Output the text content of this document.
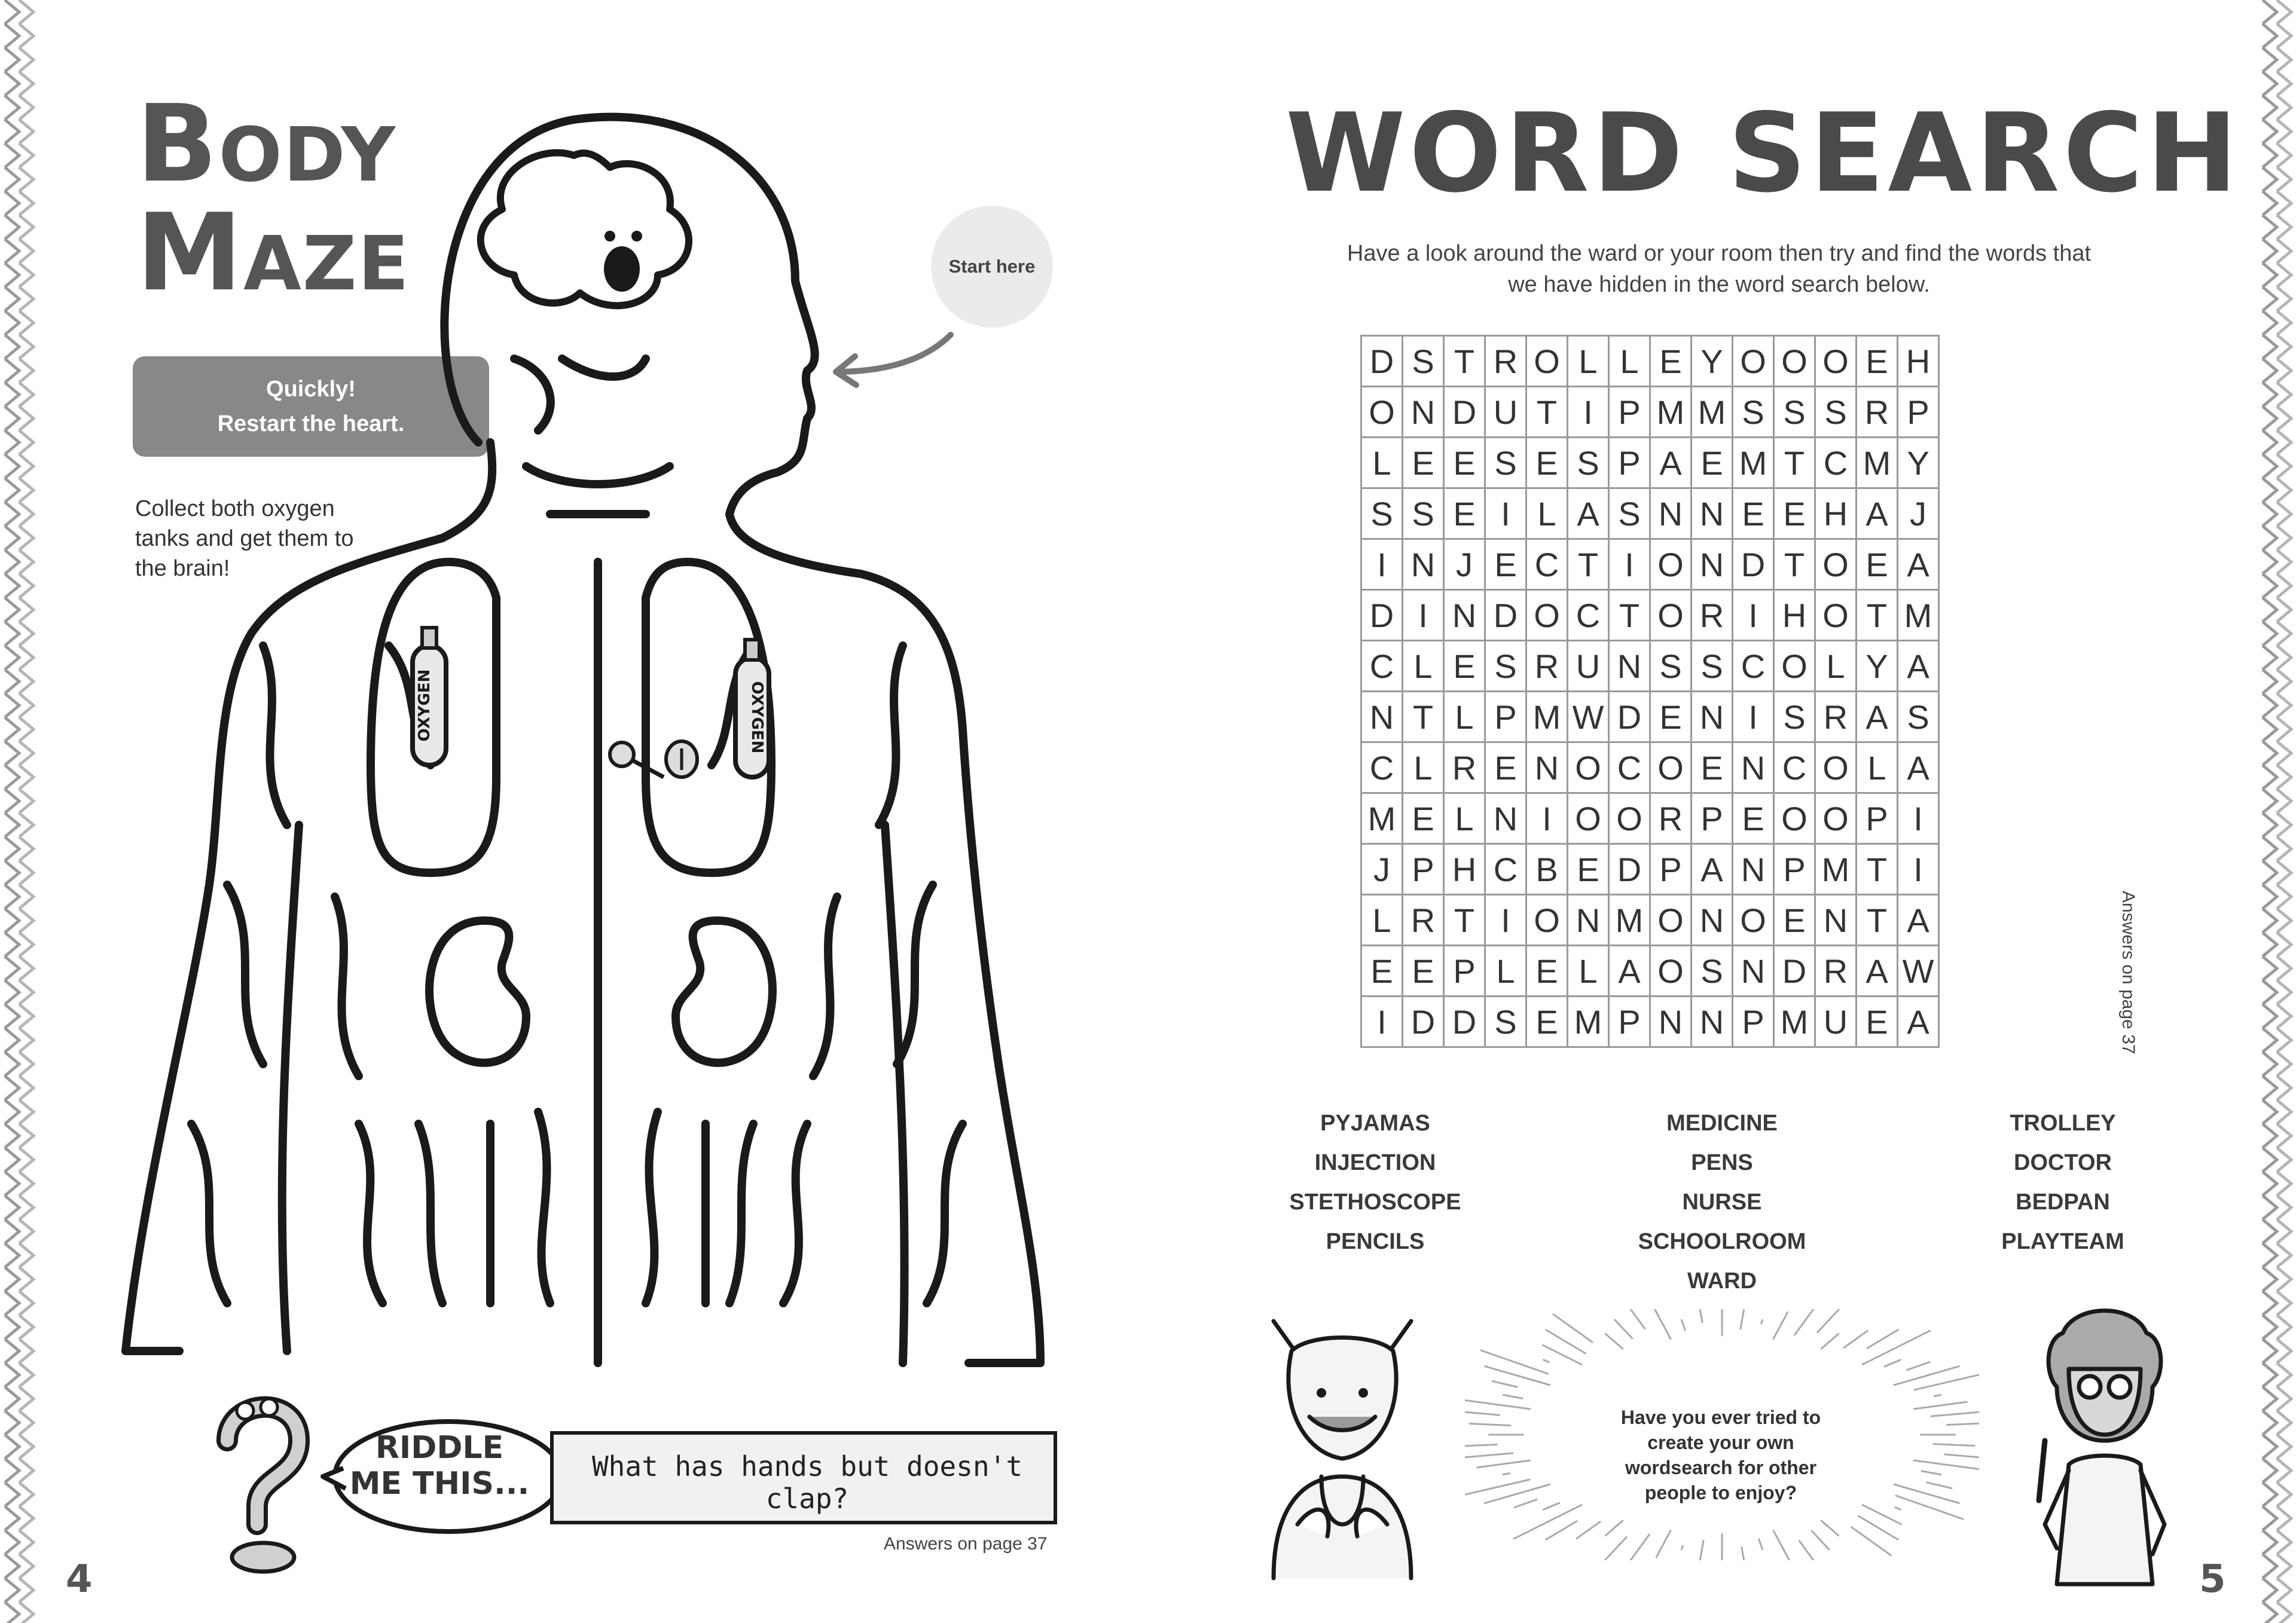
Body
Maze
Quickly!
Restart the heart.
Collect both oxygen tanks and get them to the brain!
Start here
OXYGEN	OXYGEN
RIDDLE
ME THIS...	What has hands but doesn't clap?
Answers on page 37
4
WORD SEARCH
Have a look around the ward or your room then try and find the words that we have hidden in the word search below.
D	S	T	R	O	L	L	E	Y	O	O	O	E	H
O	N	D	U	T	I	P	M	M	S	S	S	R	P
L	E	E	S	E	S	P	A	E	M	T	C	M	Y
S	S	E	I	L	A	S	N	N	E	E	H	A	J
I	N	J	E	C	T	I	O	N	D	T	O	E	A
D	I	N	D	O	C	T	O	R	I	H	O	T	M
C	L	E	S	R	U	N	S	S	C	O	L	Y	A
N	T	L	P	M	W	D	E	N	I	S	R	A	S
C	L	R	E	N	O	C	O	E	N	C	O	L	A
M	E	L	N	I	O	O	R	P	E	O	O	P	I
J	P	H	C	B	E	D	P	A	N	P	M	T	I
L	R	T	I	O	N	M	O	N	O	E	N	T	A
E	E	P	L	E	L	A	O	S	N	D	R	A	W
I	D	D	S	E	M	P	N	N	P	M	U	E	A	Answers on page 37
PYJAMAS
INJECTION
STETHOSCOPE
PENCILS
MEDICINE
PENS
NURSE
SCHOOLROOM
WARD
TROLLEY
DOCTOR
BEDPAN
PLAYTEAM
Have you ever tried to create your own wordsearch for other people to enjoy?
5
